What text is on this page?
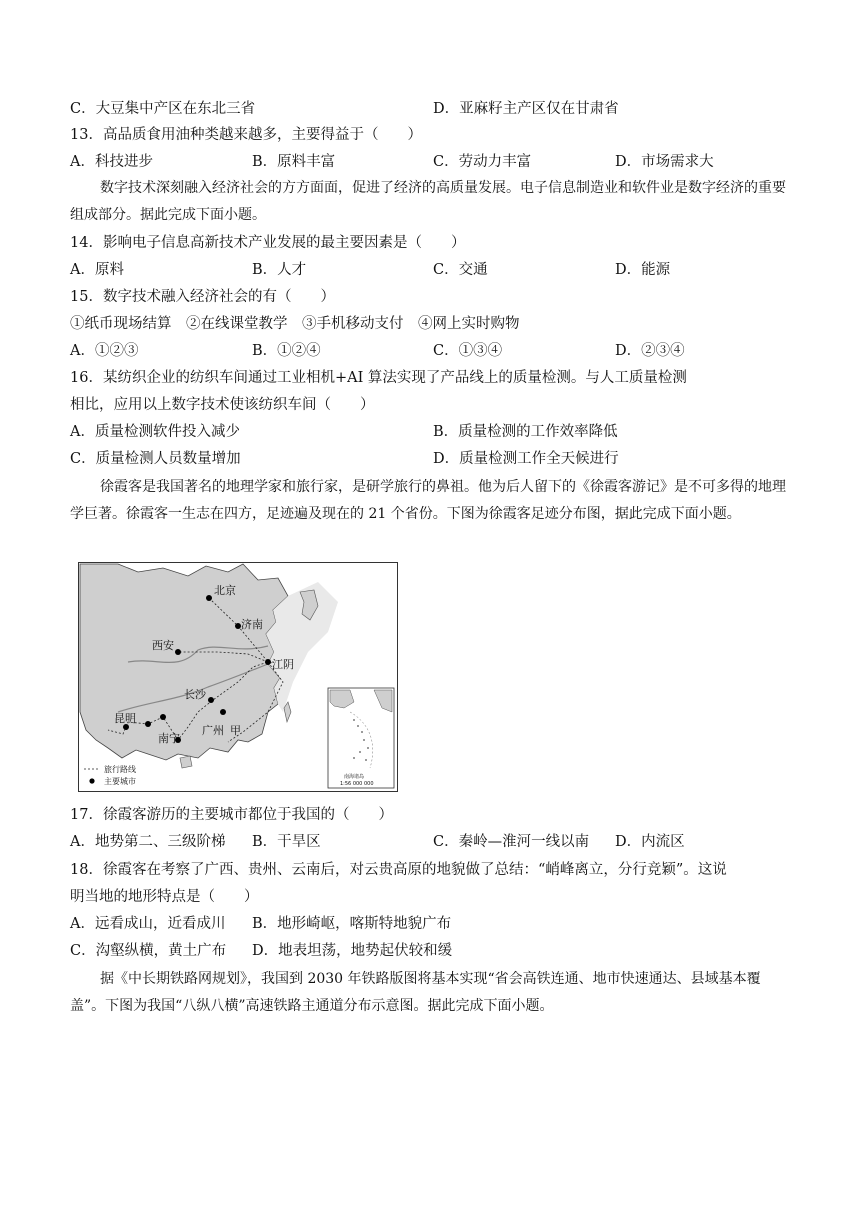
C．大豆集中产区在东北三省	D．亚麻籽主产区仅在甘肃省
13．高品质食用油种类越来越多，主要得益于（　　）
A．科技进步	B．原料丰富	C．劳动力丰富	D．市场需求大
数字技术深刻融入经济社会的方方面面，促进了经济的高质量发展。电子信息制造业和软件业是数字经济的重要组成部分。据此完成下面小题。
14．影响电子信息高新技术产业发展的最主要因素是（　　）
A．原料	B．人才	C．交通	D．能源
15．数字技术融入经济社会的有（　　）
①纸币现场结算　②在线课堂教学　③手机移动支付　④网上实时购物
A．①②③	B．①②④	C．①③④	D．②③④
16．某纺织企业的纺织车间通过工业相机+AI 算法实现了产品线上的质量检测。与人工质量检测
相比，应用以上数字技术使该纺织车间（　　）
A．质量检测软件投入减少	B．质量检测的工作效率降低
C．质量检测人员数量增加	D．质量检测工作全天候进行
徐霞客是我国著名的地理学家和旅行家，是研学旅行的鼻祖。他为后人留下的《徐霞客游记》是不可多得的地理学巨著。徐霞客一生志在四方，足迹遍及现在的 21 个省份。下图为徐霞客足迹分布图，据此完成下面小题。
北京
济南
西安
江阴
长沙
昆明
广州
南宁
甲
旅行路线
主要城市	南海诸岛
1:56 000 000
17．徐霞客游历的主要城市都位于我国的（　　）
A．地势第二、三级阶梯 B．干旱区	C．秦岭—淮河一线以南 D．内流区
18．徐霞客在考察了广西、贵州、云南后，对云贵高原的地貌做了总结：“峭峰离立，分行竞颖”。这说
明当地的地形特点是（　　）
A．远看成山，近看成川 B．地形崎岖，喀斯特地貌广布
C．沟壑纵横，黄土广布 D．地表坦荡，地势起伏较和缓
据《中长期铁路网规划》，我国到 2030 年铁路版图将基本实现“省会高铁连通、地市快速通达、县域基本覆盖”。下图为我国“八纵八横”高速铁路主通道分布示意图。据此完成下面小题。
